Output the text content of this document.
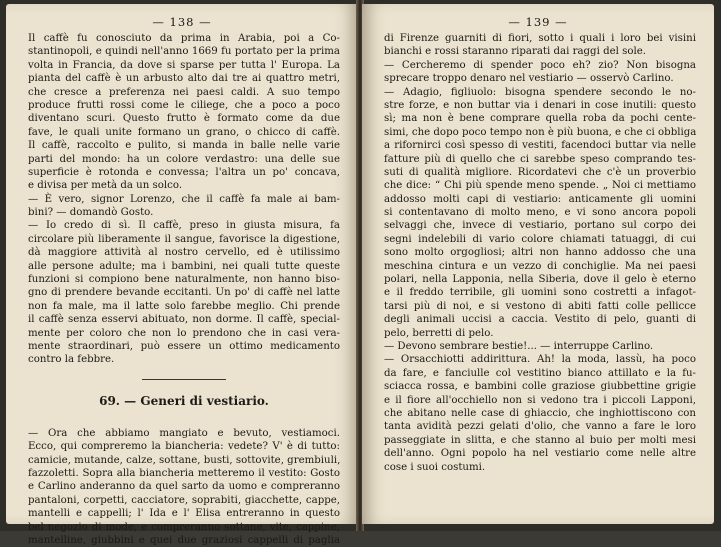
— 138 —
Il caffè fu conosciuto da prima in Arabia, poi a Co-
stantinopoli, e quindi nell'anno 1669 fu portato per la prima
volta in Francia, da dove si sparse per tutta l' Europa. La
pianta del caffè è un arbusto alto dai tre ai quattro metri,
che cresce a preferenza nei paesi caldi. A suo tempo
produce frutti rossi come le ciliege, che a poco a poco
diventano scuri. Questo frutto è formato come da due
fave, le quali unite formano un grano, o chicco di caffè.
Il caffè, raccolto e pulito, si manda in balle nelle varie
parti del mondo: ha un colore verdastro: una delle sue
superficie è rotonda e convessa; l'altra un po' concava,
e divisa per metà da un solco.
— È vero, signor Lorenzo, che il caffè fa male ai bam-
bini? — domandò Gosto.
— Io credo di sì. Il caffè, preso in giusta misura, fa
circolare più liberamente il sangue, favorisce la digestione,
dà maggiore attività al nostro cervello, ed è utilissimo
alle persone adulte; ma i bambini, nei quali tutte queste
funzioni si compiono bene naturalmente, non hanno biso-
gno di prendere bevande eccitanti. Un po' di caffè nel latte
non fa male, ma il latte solo farebbe meglio. Chi prende
il caffè senza esservi abituato, non dorme. Il caffè, special-
mente per coloro che non lo prendono che in casi vera-
mente straordinari, può essere un ottimo medicamento
contro la febbre.
69. — Generi di vestiario.
— Ora che abbiamo mangiato e bevuto, vestiamoci.
Ecco, qui compreremo la biancheria: vedete? V' è di tutto:
camicie, mutande, calze, sottane, busti, sottovite, grembiuli,
fazzoletti. Sopra alla biancheria metteremo il vestito: Gosto
e Carlino anderanno da quel sarto da uomo e compreranno
pantaloni, corpetti, cacciatore, soprabiti, giacchette, cappe,
mantelli e cappelli; l' Ida e l' Elisa entreranno in questo
bel negozio di mode, e compreranno sottane, vite, cappine,
mantelline, giubbini e quei due graziosi cappelli di paglia
— 139 —
di Firenze guarniti di fiori, sotto i quali i loro bei visini
bianchi e rossi staranno riparati dai raggi del sole.
— Cercheremo di spender poco eh? zio? Non bisogna
sprecare troppo denaro nel vestiario — osservò Carlino.
— Adagio, figliuolo: bisogna spendere secondo le no-
stre forze, e non buttar via i denari in cose inutili: questo
sì; ma non è bene comprare quella roba da pochi cente-
simi, che dopo poco tempo non è più buona, e che ci obbliga
a rifornirci così spesso di vestiti, facendoci buttar via nelle
fatture più di quello che ci sarebbe speso comprando tes-
suti di qualità migliore. Ricordatevi che c'è un proverbio
che dice: “ Chi più spende meno spende. „ Noi ci mettiamo
addosso molti capi di vestiario: anticamente gli uomini
si contentavano di molto meno, e vi sono ancora popoli
selvaggi che, invece di vestiario, portano sul corpo dei
segni indelebili di vario colore chiamati tatuaggi, di cui
sono molto orgogliosi; altri non hanno addosso che una
meschina cintura e un vezzo di conchiglie. Ma nei paesi
polari, nella Lapponia, nella Siberia, dove il gelo è eterno
e il freddo terribile, gli uomini sono costretti a infagot-
tarsi più di noi, e si vestono di abiti fatti colle pellicce
degli animali uccisi a caccia. Vestito di pelo, guanti di
pelo, berretti di pelo.
— Devono sembrare bestie!... — interruppe Carlino.
— Orsacchiotti addirittura. Ah! la moda, lassù, ha poco
da fare, e fanciulle col vestitino bianco attillato e la fu-
sciacca rossa, e bambini colle graziose giubbettine grigie
e il fiore all'occhiello non si vedono tra i piccoli Lapponi,
che abitano nelle case di ghiaccio, che inghiottiscono con
tanta avidità pezzi gelati d'olio, che vanno a fare le loro
passeggiate in slitta, e che stanno al buio per molti mesi
dell'anno. Ogni popolo ha nel vestiario come nelle altre
cose i suoi costumi.
